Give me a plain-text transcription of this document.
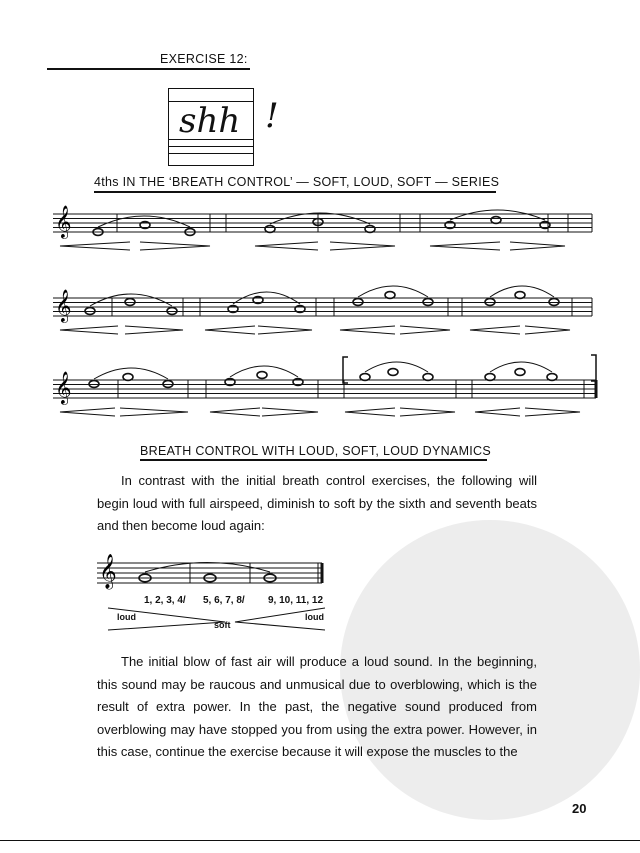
EXERCISE 12:
shh !
4ths IN THE ‘BREATH CONTROL’ — SOFT, LOUD, SOFT — SERIES
𝄞
𝄞
𝄞
𝄞
BREATH CONTROL WITH LOUD, SOFT, LOUD DYNAMICS

In contrast with the initial breath control exercises, the following will begin loud with full airspeed, diminish to soft by the sixth and seventh beats and then become loud again:

1, 2, 3, 4/ 5, 6, 7, 8/ 9, 10, 11, 12
loud
soft
loud

The initial blow of fast air will produce a loud sound. In the beginning, this sound may be raucous and unmusical due to overblowing, which is the result of extra power. In the past, the negative sound produced from overblowing may have stopped you from using the extra power. However, in this case, continue the exercise because it will expose the muscles to the

20
